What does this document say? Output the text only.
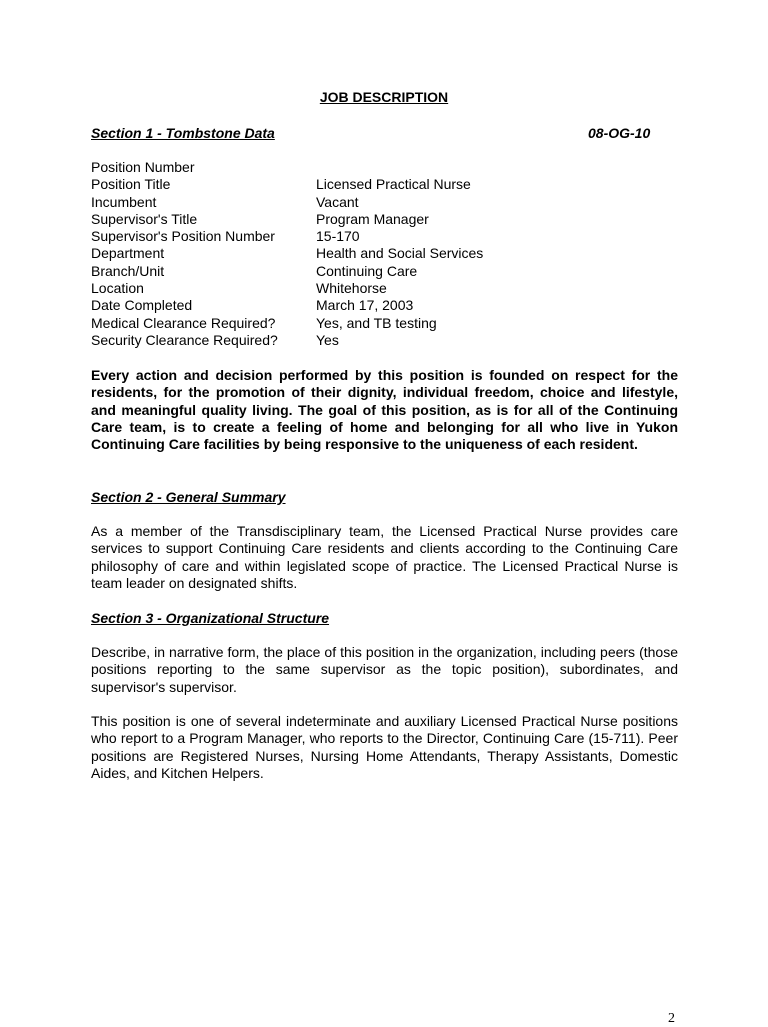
JOB DESCRIPTION
Section 1 - Tombstone Data	08-OG-10
Position Number
Position Title	Licensed Practical Nurse
Incumbent	Vacant
Supervisor's Title	Program Manager
Supervisor's Position Number	15-170
Department	Health and Social Services
Branch/Unit	Continuing Care
Location	Whitehorse
Date Completed	March 17, 2003
Medical Clearance Required?	Yes, and TB testing
Security Clearance Required?	Yes

Every action and decision performed by this position is founded on respect for the residents, for the promotion of their dignity, individual freedom, choice and lifestyle, and meaningful quality living. The goal of this position, as is for all of the Continuing Care team, is to create a feeling of home and belonging for all who live in Yukon Continuing Care facilities by being responsive to the uniqueness of each resident.

Section 2 - General Summary

As a member of the Transdisciplinary team, the Licensed Practical Nurse provides care services to support Continuing Care residents and clients according to the Continuing Care philosophy of care and within legislated scope of practice. The Licensed Practical Nurse is team leader on designated shifts.

Section 3 - Organizational Structure

Describe, in narrative form, the place of this position in the organization, including peers (those positions reporting to the same supervisor as the topic position), subordinates, and supervisor's supervisor.

This position is one of several indeterminate and auxiliary Licensed Practical Nurse positions who report to a Program Manager, who reports to the Director, Continuing Care (15-711). Peer positions are Registered Nurses, Nursing Home Attendants, Therapy Assistants, Domestic Aides, and Kitchen Helpers.

2
